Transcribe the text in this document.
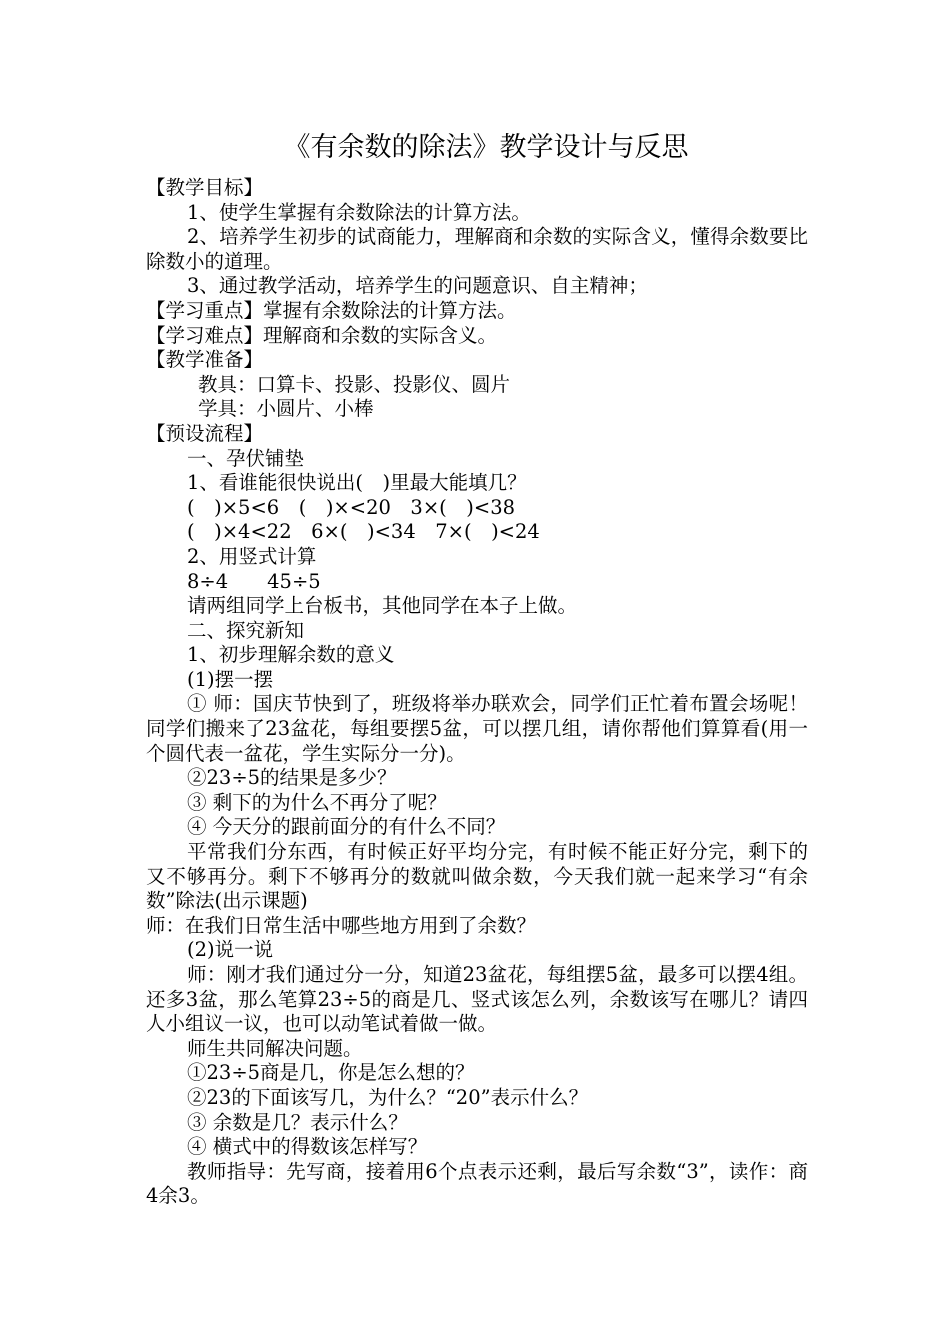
《有余数的除法》教学设计与反思

【教学目标】

1、使学生掌握有余数除法的计算方法。

2、培养学生初步的试商能力，理解商和余数的实际含义，懂得余数要比除数小的道理。

3、通过教学活动，培养学生的问题意识、自主精神；

【学习重点】掌握有余数除法的计算方法。

【学习难点】理解商和余数的实际含义。

【教学准备】

教具：口算卡、投影、投影仪、圆片

学具：小圆片、小棒

【预设流程】

一、孕伏铺垫

1、看谁能很快说出(　)里最大能填几？

(　)×5<6　(　)×<20　3×(　)<38

(　)×4<22　6×(　)<34　7×(　)<24

2、用竖式计算

8÷4　　45÷5

请两组同学上台板书，其他同学在本子上做。

二、探究新知

1、初步理解余数的意义

(1)摆一摆

① 师：国庆节快到了，班级将举办联欢会，同学们正忙着布置会场呢！同学们搬来了23盆花，每组要摆5盆，可以摆几组，请你帮他们算算看(用一个圆代表一盆花，学生实际分一分)。

②23÷5的结果是多少？

③ 剩下的为什么不再分了呢？

④ 今天分的跟前面分的有什么不同？

平常我们分东西，有时候正好平均分完，有时候不能正好分完，剩下的又不够再分。剩下不够再分的数就叫做余数，今天我们就一起来学习“有余数”除法(出示课题)

师：在我们日常生活中哪些地方用到了余数？

(2)说一说

师：刚才我们通过分一分，知道23盆花，每组摆5盆，最多可以摆4组。还多3盆，那么笔算23÷5的商是几、竖式该怎么列，余数该写在哪儿？请四人小组议一议，也可以动笔试着做一做。

师生共同解决问题。

①23÷5商是几，你是怎么想的？

②23的下面该写几，为什么？“20”表示什么？

③ 余数是几？表示什么？

④ 横式中的得数该怎样写？

教师指导：先写商，接着用6个点表示还剩，最后写余数“3”，读作：商4余3。
